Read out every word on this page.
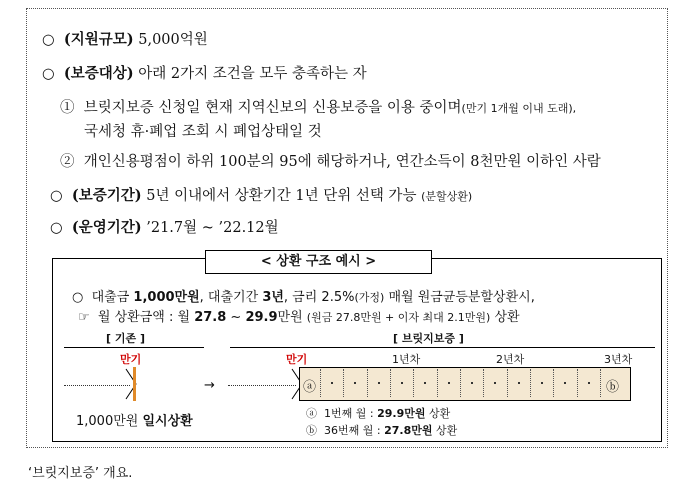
○ (지원규모) 5,000억원
○ (보증대상) 아래 2가지 조건을 모두 충족하는 자
① 브릿지보증 신청일 현재 지역신보의 신용보증을 이용 중이며(만기 1개월 이내 도래),
국세청 휴·폐업 조회 시 폐업상태일 것
② 개인신용평점이 하위 100분의 95에 해당하거나, 연간소득이 8천만원 이하인 사람
○ (보증기간) 5년 이내에서 상환기간 1년 단위 선택 가능 (분할상환)
○ (운영기간) ’21.7월 ~ ’22.12월
< 상환 구조 예시 >
○ 대출금 1,000만원, 대출기간 3년, 금리 2.5%(가정) 매월 원금균등분할상환시,
☞ 월 상환금액 : 월 27.8 ~ 29.9만원 (원금 27.8만원 + 이자 최대 2.1만원) 상환
[ 기존 ]	[ 브릿지보증 ]
만기
→
만기	1년차	2년차	3년차
ⓐ	ⓑ
1,000만원 일시상환
ⓐ 1번째 월 : 29.9만원 상환
ⓑ 36번째 월 : 27.8만원 상환
‘브릿지보증’ 개요.
